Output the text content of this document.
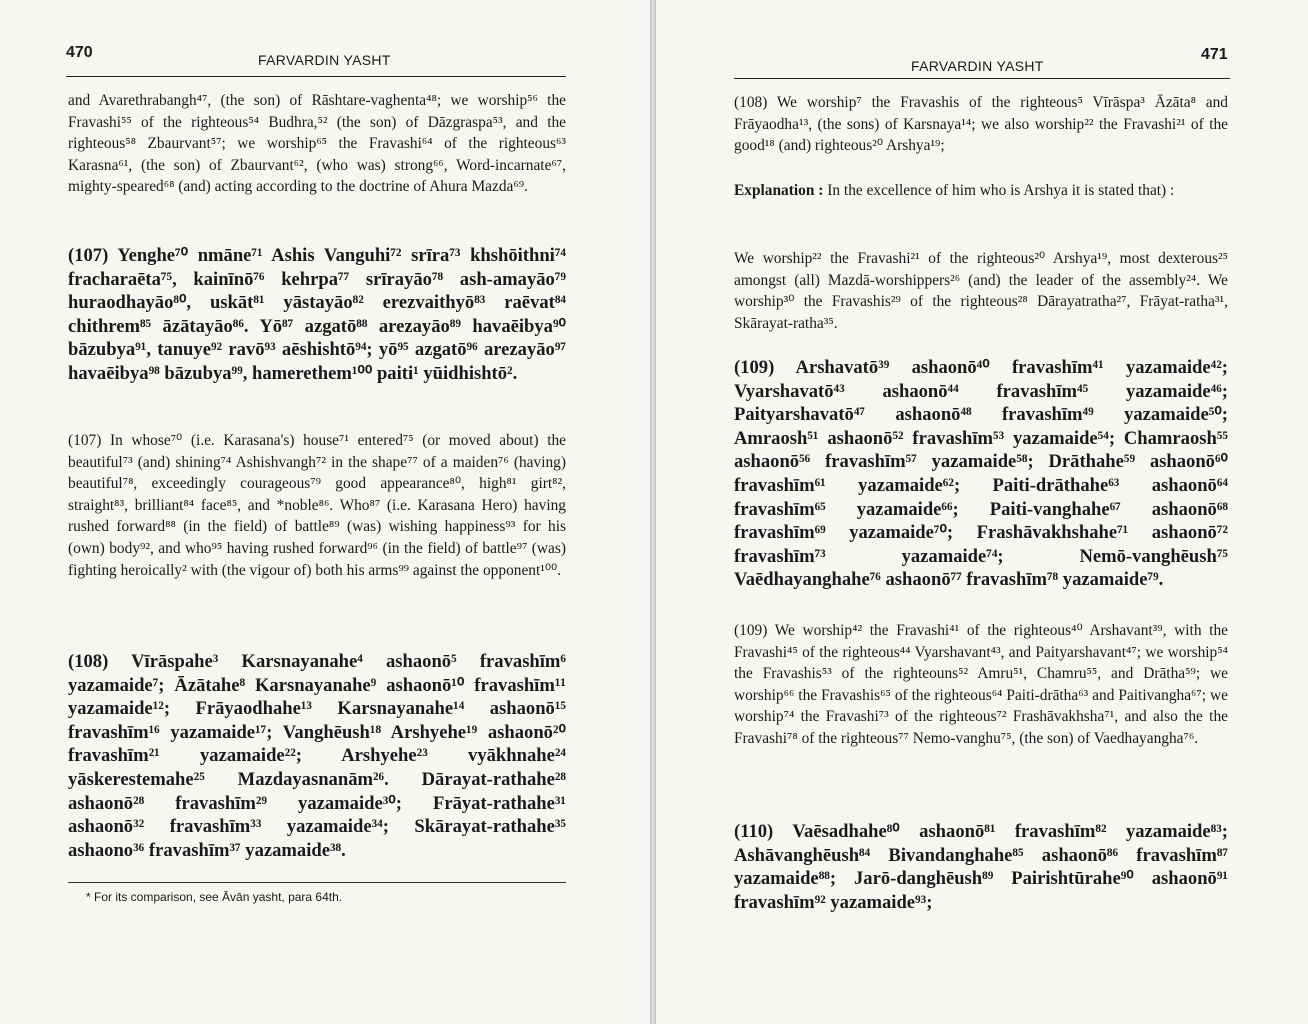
470	FARVARDIN YASHT

and Avarethrabangh⁴⁷, (the son) of Rāshtare-vaghenta⁴⁸; we worship⁵⁶ the Fravashi⁵⁵ of the righteous⁵⁴ Budhra,⁵² (the son) of Dāzgraspa⁵³, and the righteous⁵⁸ Zbaurvant⁵⁷; we worship⁶⁵ the Fravashi⁶⁴ of the righteous⁶³ Karasna⁶¹, (the son) of Zbaurvant⁶², (who was) strong⁶⁶, Word-incarnate⁶⁷, mighty-speared⁶⁸ (and) acting according to the doctrine of Ahura Mazda⁶⁹.

(107) Yenghe⁷⁰ nmāne⁷¹ Ashis Vanguhi⁷² srīra⁷³ khshōithni⁷⁴ fracharaēta⁷⁵, kainīnō⁷⁶ kehrpa⁷⁷ srīrayāo⁷⁸ ash-amayāo⁷⁹ huraodhayāo⁸⁰, uskāt⁸¹ yāstayāo⁸² erezvaithyō⁸³ raēvat⁸⁴ chithrem⁸⁵ āzātayāo⁸⁶. Yō⁸⁷ azgatō⁸⁸ arezayāo⁸⁹ havaēibya⁹⁰ bāzubya⁹¹, tanuye⁹² ravō⁹³ aēshishtō⁹⁴; yō⁹⁵ azgatō⁹⁶ arezayāo⁹⁷ havaēibya⁹⁸ bāzubya⁹⁹, hamerethem¹⁰⁰ paiti¹ yūidhishtō².

(107) In whose⁷⁰ (i.e. Karasana's) house⁷¹ entered⁷⁵ (or moved about) the beautiful⁷³ (and) shining⁷⁴ Ashishvangh⁷² in the shape⁷⁷ of a maiden⁷⁶ (having) beautiful⁷⁸, exceedingly courageous⁷⁹ good appearance⁸⁰, high⁸¹ girt⁸², straight⁸³, brilliant⁸⁴ face⁸⁵, and *noble⁸⁶. Who⁸⁷ (i.e. Karasana Hero) having rushed forward⁸⁸ (in the field) of battle⁸⁹ (was) wishing happiness⁹³ for his (own) body⁹², and who⁹⁵ having rushed forward⁹⁶ (in the field) of battle⁹⁷ (was) fighting heroically² with (the vigour of) both his arms⁹⁹ against the opponent¹⁰⁰.

(108) Vīrāspahe³ Karsnayanahe⁴ ashaonō⁵ fravashīm⁶ yazamaide⁷; Āzātahe⁸ Karsnayanahe⁹ ashaonō¹⁰ fravashīm¹¹ yazamaide¹²; Frāyaodhahe¹³ Karsnayanahe¹⁴ ashaonō¹⁵ fravashīm¹⁶ yazamaide¹⁷; Vanghēush¹⁸ Arshyehe¹⁹ ashaonō²⁰ fravashīm²¹ yazamaide²²; Arshyehe²³ vyākhnahe²⁴ yāskerestemahe²⁵ Mazdayasnanām²⁶. Dārayat-rathahe²⁸ ashaonō²⁸ fravashīm²⁹ yazamaide³⁰; Frāyat-rathahe³¹ ashaonō³² fravashīm³³ yazamaide³⁴; Skārayat-rathahe³⁵ ashaono³⁶ fravashīm³⁷ yazamaide³⁸.

* For its comparison, see Āvān yasht, para 64th.
FARVARDIN YASHT
471

(108) We worship⁷ the Fravashis of the righteous⁵ Vīrāspa³ Āzāta⁸ and Frāyaodha¹³, (the sons) of Karsnaya¹⁴; we also worship²² the Fravashi²¹ of the good¹⁸ (and) righteous²⁰ Arshya¹⁹;

Explanation : In the excellence of him who is Arshya it is stated that) :

We worship²² the Fravashi²¹ of the righteous²⁰ Arshya¹⁹, most dexterous²⁵ amongst (all) Mazdā-worshippers²⁶ (and) the leader of the assembly²⁴. We worship³⁰ the Fravashis²⁹ of the righteous²⁸ Dārayatratha²⁷, Frāyat-ratha³¹, Skārayat-ratha³⁵.

(109) Arshavatō³⁹ ashaonō⁴⁰ fravashīm⁴¹ yazamaide⁴²; Vyarshavatō⁴³ ashaonō⁴⁴ fravashīm⁴⁵ yazamaide⁴⁶; Paityarshavatō⁴⁷ ashaonō⁴⁸ fravashīm⁴⁹ yazamaide⁵⁰; Amraosh⁵¹ ashaonō⁵² fravashīm⁵³ yazamaide⁵⁴; Chamraosh⁵⁵ ashaonō⁵⁶ fravashīm⁵⁷ yazamaide⁵⁸; Drāthahe⁵⁹ ashaonō⁶⁰ fravashīm⁶¹ yazamaide⁶²; Paiti-drāthahe⁶³ ashaonō⁶⁴ fravashīm⁶⁵ yazamaide⁶⁶; Paiti-vanghahe⁶⁷ ashaonō⁶⁸ fravashīm⁶⁹ yazamaide⁷⁰; Frashāvakhshahe⁷¹ ashaonō⁷² fravashīm⁷³ yazamaide⁷⁴; Nemō-vanghēush⁷⁵ Vaēdhayanghahe⁷⁶ ashaonō⁷⁷ fravashīm⁷⁸ yazamaide⁷⁹.

(109) We worship⁴² the Fravashi⁴¹ of the righteous⁴⁰ Arshavant³⁹, with the Fravashi⁴⁵ of the righteous⁴⁴ Vyarshavant⁴³, and Paityarshavant⁴⁷; we worship⁵⁴ the Fravashis⁵³ of the righteouns⁵² Amru⁵¹, Chamru⁵⁵, and Drātha⁵⁹; we worship⁶⁶ the Fravashis⁶⁵ of the righteous⁶⁴ Paiti-drātha⁶³ and Paitivangha⁶⁷; we worship⁷⁴ the Fravashi⁷³ of the righteous⁷² Frashāvakhsha⁷¹, and also the the Fravashi⁷⁸ of the righteous⁷⁷ Nemo-vanghu⁷⁵, (the son) of Vaedhayangha⁷⁶.

(110) Vaēsadhahe⁸⁰ ashaonō⁸¹ fravashīm⁸² yazamaide⁸³; Ashāvanghēush⁸⁴ Bivandanghahe⁸⁵ ashaonō⁸⁶ fravashīm⁸⁷ yazamaide⁸⁸; Jarō-danghēush⁸⁹ Pairishtūrahe⁹⁰ ashaonō⁹¹ fravashīm⁹² yazamaide⁹³;
